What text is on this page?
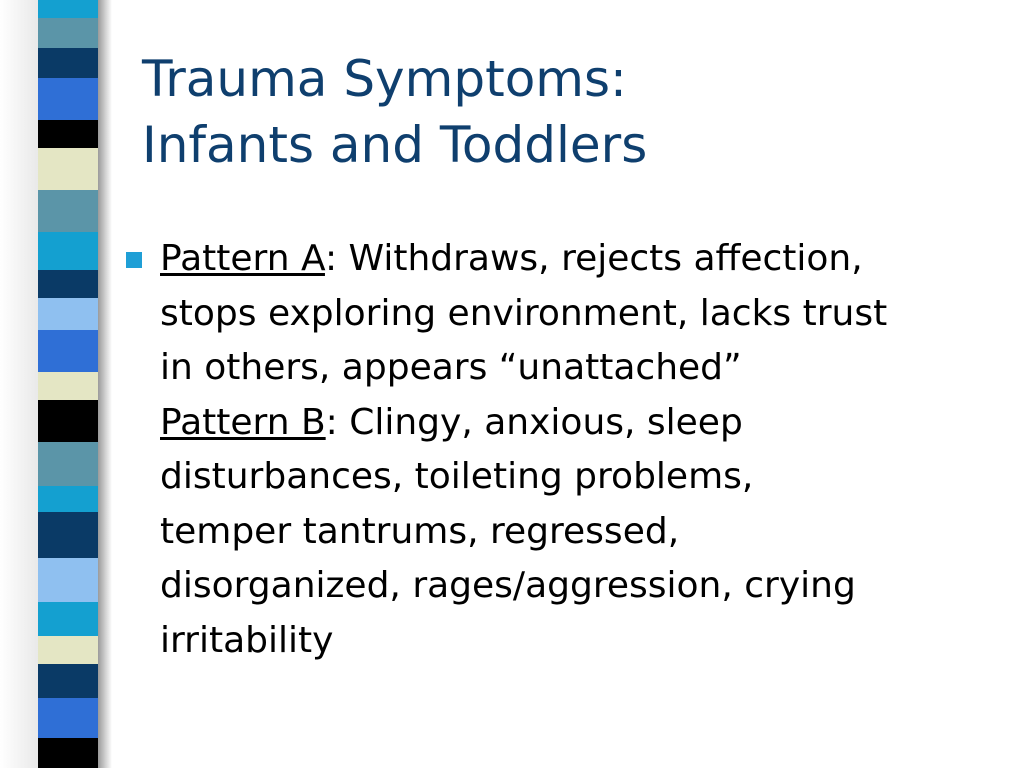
Trauma Symptoms:
Infants and Toddlers
Pattern A: Withdraws, rejects affection,
stops exploring environment, lacks trust
in others, appears “unattached”
Pattern B: Clingy, anxious, sleep
disturbances, toileting problems,
temper tantrums, regressed,
disorganized, rages/aggression, crying
irritability
